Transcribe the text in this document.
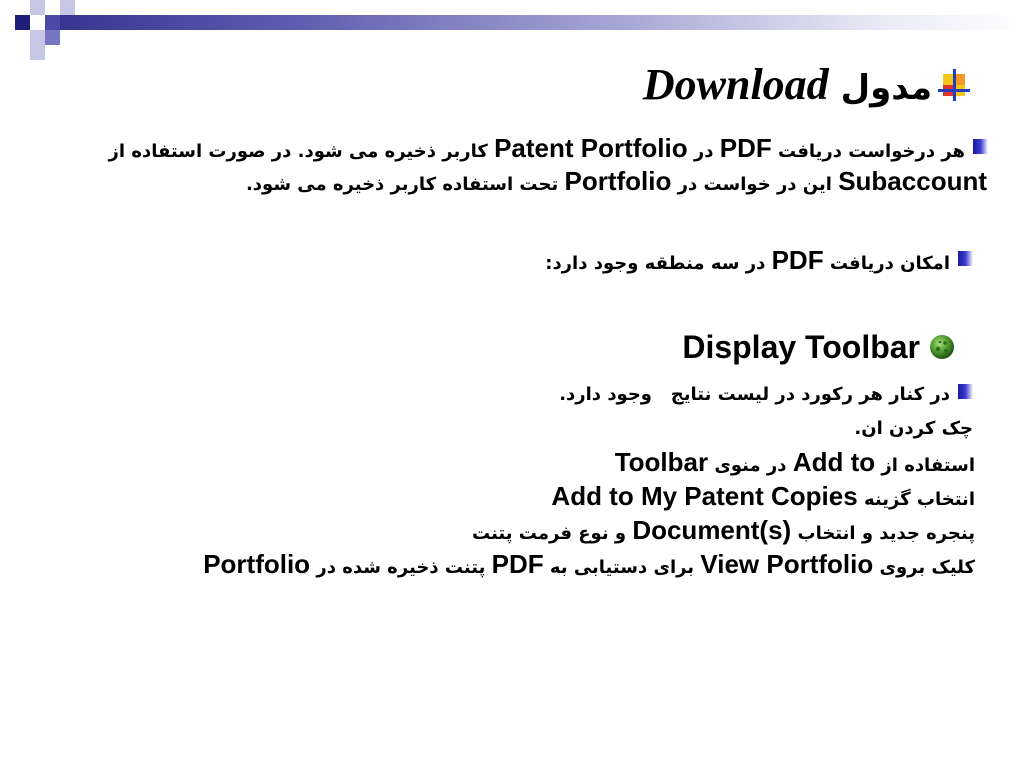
مدولDownload
هر درخواست دریافت PDF در Patent Portfolio کاربر ذخیره می شود. در صورت استفاده از
Subaccount این در خواست در Portfolio تحت استفاده کاربر ذخیره می شود.
امکان دریافت PDF در سه منطقه وجود دارد:
Display Toolbar
در کنار هر رکورد در لیست نتایج   وجود دارد.
چک کردن ان.
استفاده از Add to در منوی Toolbar
انتخاب گزینه Add to My Patent Copies
پنجره جدید و انتخاب Document(s) و نوع فرمت پتنت
کلیک بروی View Portfolio برای دستیابی به PDF پتنت ذخیره شده در Portfolio
